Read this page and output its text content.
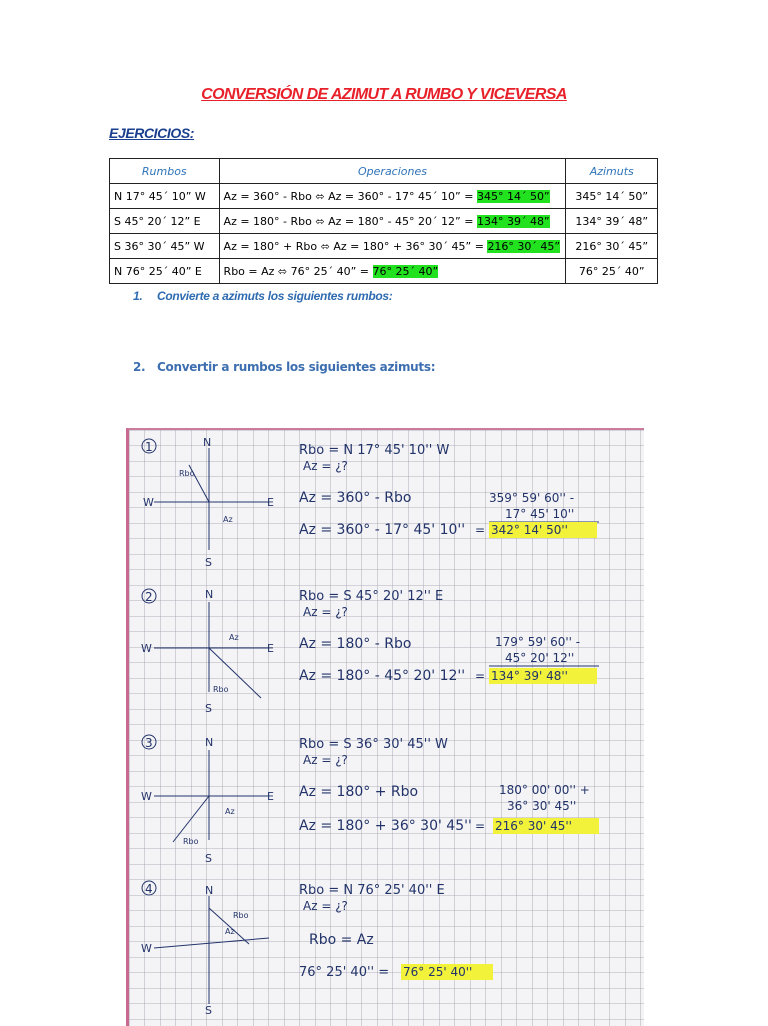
CONVERSIÓN DE AZIMUT A RUMBO Y VICEVERSA
EJERCICIOS:
Rumbos	Operaciones	Azimuts
N 17° 45´ 10” W	Az = 360° - Rbo ⬄ Az = 360° - 17° 45´ 10” = 345° 14´ 50”	345° 14´ 50”
S 45° 20´ 12” E	Az = 180° - Rbo ⬄ Az = 180° - 45° 20´ 12” = 134° 39´ 48”	134° 39´ 48”
S 36° 30´ 45” W	Az = 180° + Rbo ⬄ Az = 180° + 36° 30´ 45” = 216° 30´ 45”	216° 30´ 45”
N 76° 25´ 40” E	Rbo = Az ⬄ 76° 25´ 40” = 76° 25´ 40”	76° 25´ 40”
1. Convierte a azimuts los siguientes rumbos:
2. Convertir a rumbos los siguientes azimuts:
1	N
S
E
W
Rbo
Az
Rbo = N 17° 45' 10'' W
Az = ¿?
Az = 360° - Rbo
Az = 360° - 17° 45' 10''
359° 59' 60'' -
17° 45' 10''
= 342° 14' 50''
2	N
S
E
W
Rbo
Az
Rbo = S 45° 20' 12'' E
Az = ¿?
Az = 180° - Rbo
Az = 180° - 45° 20' 12''
179° 59' 60'' -
45° 20' 12''
= 134° 39' 48''
3	N
S
E
W
Rbo
Az
Rbo = S 36° 30' 45'' W
Az = ¿?
Az = 180° + Rbo
Az = 180° + 36° 30' 45''
180° 00' 00'' +
36° 30' 45''
= 216° 30' 45''
4	N
S
W
Rbo
Az
Rbo = N 76° 25' 40'' E
Az = ¿?
Rbo = Az
76° 25' 40'' = 76° 25' 40''
